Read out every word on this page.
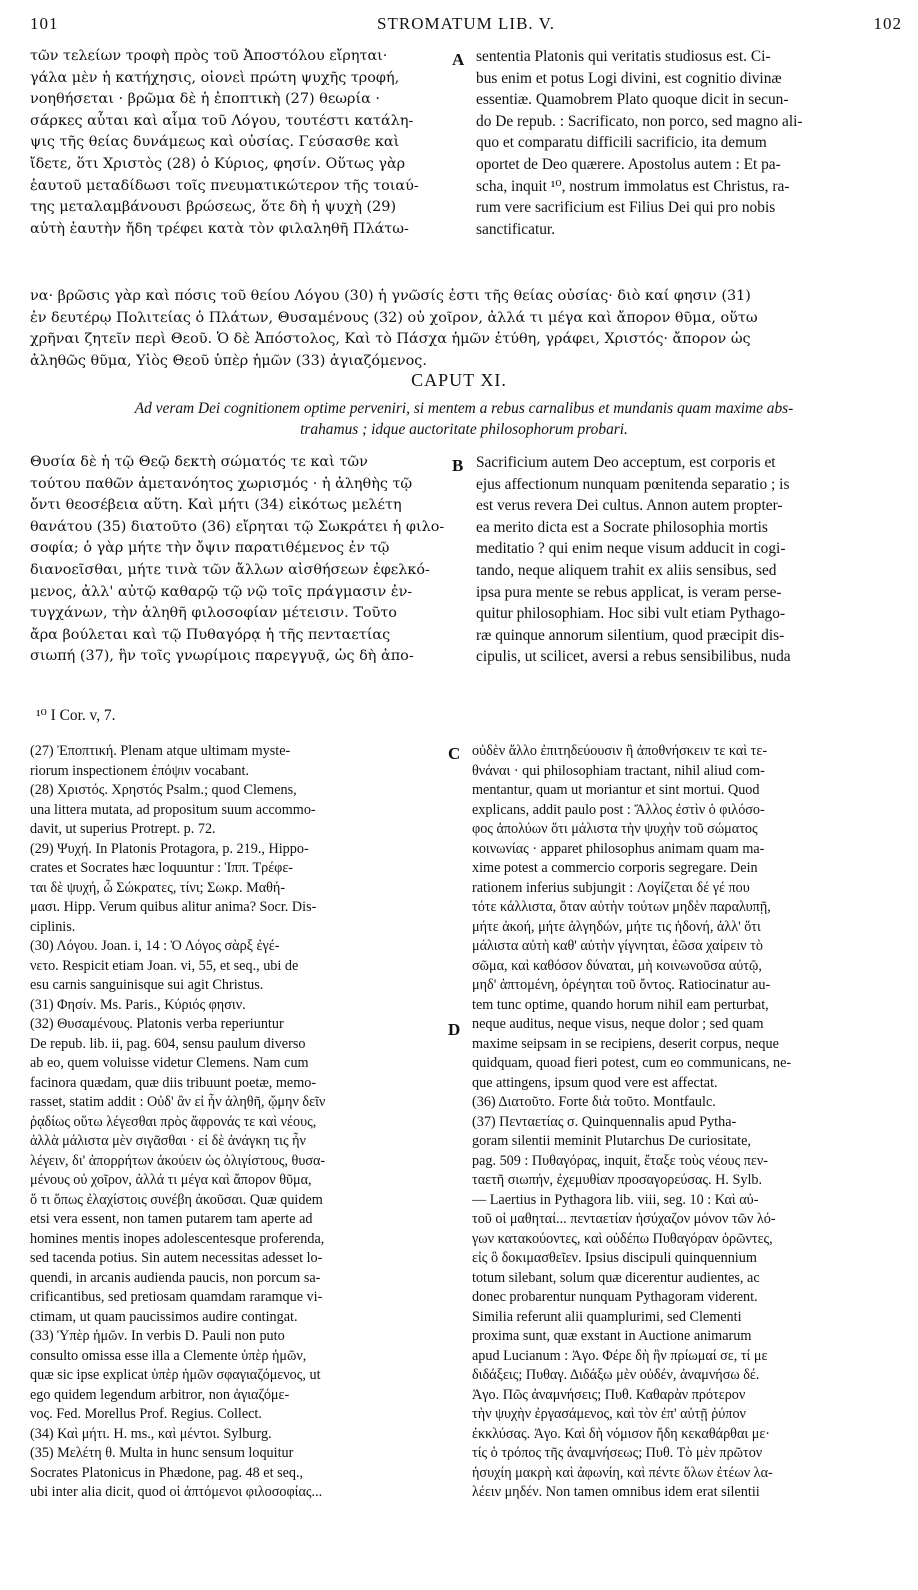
101	STROMATUM LIB. V.	102

τῶν τελείων τροφὴ πρὸς τοῦ Ἀποστόλου εἴρηται·

γάλα μὲν ἡ κατήχησις, οἱονεὶ πρώτη ψυχῆς τροφή,

νοηθήσεται · βρῶμα δὲ ἡ ἐποπτικὴ (27) θεωρία ·

σάρκες αὗται καὶ αἷμα τοῦ Λόγου, τουτέστι κατάλη-

ψις τῆς θείας δυνάμεως καὶ οὐσίας. Γεύσασθε καὶ

ἴδετε, ὅτι Χριστὸς (28) ὁ Κύριος, φησίν. Οὕτως γὰρ

ἑαυτοῦ μεταδίδωσι τοῖς πνευματικώτερον τῆς τοιαύ-

της μεταλαμβάνουσι βρώσεως, ὅτε δὴ ἡ ψυχὴ (29)

αὑτὴ ἑαυτὴν ἤδη τρέφει κατὰ τὸν φιλαληθῆ Πλάτω-

A sententia Platonis qui veritatis studiosus est. Ci-

bus enim et potus Logi divini, est cognitio divinæ

essentiæ. Quamobrem Plato quoque dicit in secun-

do De repub. : Sacrificato, non porco, sed magno ali-

quo et comparatu difficili sacrificio, ita demum

oportet de Deo quærere. Apostolus autem : Et pa-

scha, inquit ¹⁰, nostrum immolatus est Christus, ra-

rum vere sacrificium est Filius Dei qui pro nobis

sanctificatur.

να· βρῶσις γὰρ καὶ πόσις τοῦ θείου Λόγου (30) ἡ γνῶσίς ἐστι τῆς θείας οὐσίας· διὸ καί φησιν (31)

ἐν δευτέρῳ Πολιτείας ὁ Πλάτων, Θυσαμένους (32) οὐ χοῖρον, ἀλλά τι μέγα καὶ ἄπορον θῦμα, οὕτω

χρῆναι ζητεῖν περὶ Θεοῦ. Ὁ δὲ Ἀπόστολος, Καὶ τὸ Πάσχα ἡμῶν ἐτύθη, γράφει, Χριστός· ἄπορον ὡς

ἀληθῶς θῦμα, Υἱὸς Θεοῦ ὑπὲρ ἡμῶν (33) ἁγιαζόμενος.

CAPUT XI.
Ad veram Dei cognitionem optime perveniri, si mentem a rebus carnalibus et mundanis quam maxime abs-
trahamus ; idque auctoritate philosophorum probari.

Θυσία δὲ ἡ τῷ Θεῷ δεκτὴ σώματός τε καὶ τῶν

τούτου παθῶν ἀμετανόητος χωρισμός · ἡ ἀληθὴς τῷ

ὄντι θεοσέβεια αὕτη. Καὶ μήτι (34) εἰκότως μελέτη

θανάτου (35) διατοῦτο (36) εἴρηται τῷ Σωκράτει ἡ φιλο-

σοφία; ὁ γὰρ μήτε τὴν ὄψιν παρατιθέμενος ἐν τῷ

διανοεῖσθαι, μήτε τινὰ τῶν ἄλλων αἰσθήσεων ἐφελκό-

μενος, ἀλλ' αὐτῷ καθαρῷ τῷ νῷ τοῖς πράγμασιν ἐν-

τυγχάνων, τὴν ἀληθῆ φιλοσοφίαν μέτεισιν. Τοῦτο

ἄρα βούλεται καὶ τῷ Πυθαγόρᾳ ἡ τῆς πενταετίας

σιωπή (37), ἣν τοῖς γνωρίμοις παρεγγυᾷ, ὡς δὴ ἀπο-

B Sacrificium autem Deo acceptum, est corporis et

ejus affectionum nunquam pœnitenda separatio ; is

est verus revera Dei cultus. Annon autem propter-

ea merito dicta est a Socrate philosophia mortis

meditatio ? qui enim neque visum adducit in cogi-

tando, neque aliquem trahit ex aliis sensibus, sed

ipsa pura mente se rebus applicat, is veram perse-

quitur philosophiam. Hoc sibi vult etiam Pythago-

ræ quinque annorum silentium, quod præcipit dis-

cipulis, ut scilicet, aversi a rebus sensibilibus, nuda

¹⁰ I Cor. v, 7.

(27) Ἐποπτική. Plenam atque ultimam myste-

riorum inspectionem ἐπόψιν vocabant.

(28) Χριστός. Χρηστός Psalm.; quod Clemens,

una littera mutata, ad propositum suum accommo-

davit, ut superius Protrept. p. 72.

(29) Ψυχή. In Platonis Protagora, p. 219., Hippo-

crates et Socrates hæc loquuntur : Ἱππ. Τρέφε-

ται δὲ ψυχή, ὦ Σώκρατες, τίνι; Σωκρ. Μαθή-

μασι. Hipp. Verum quibus alitur anima? Socr. Dis-

ciplinis.

(30) Λόγου. Joan. i, 14 : Ὁ Λόγος σὰρξ ἐγέ-

νετο. Respicit etiam Joan. vi, 55, et seq., ubi de

esu carnis sanguinisque sui agit Christus.

(31) Φησίν. Ms. Paris., Κύριός φησιν.

(32) Θυσαμένους. Platonis verba reperiuntur

De repub. lib. ii, pag. 604, sensu paulum diverso

ab eo, quem voluisse videtur Clemens. Nam cum

facinora quædam, quæ diis tribuunt poetæ, memo-

rasset, statim addit : Οὐδ' ἂν εἰ ἦν ἀληθῆ, ᾤμην δεῖν

ῥᾳδίως οὕτω λέγεσθαι πρὸς ἄφρονάς τε καὶ νέους,

ἀλλὰ μάλιστα μὲν σιγᾶσθαι · εἰ δὲ ἀνάγκη τις ἦν

λέγειν, δι' ἀπορρήτων ἀκούειν ὡς ὀλιγίστους, θυσα-

μένους οὐ χοῖρον, ἀλλά τι μέγα καὶ ἄπορον θῦμα,

ὅ τι ὅπως ἐλαχίστοις συνέβη ἀκοῦσαι. Quæ quidem

etsi vera essent, non tamen putarem tam aperte ad

homines mentis inopes adolescentesque proferenda,

sed tacenda potius. Sin autem necessitas adesset lo-

quendi, in arcanis audienda paucis, non porcum sa-

crificantibus, sed pretiosam quamdam raramque vi-

ctimam, ut quam paucissimos audire contingat.

(33) Ὑπὲρ ἡμῶν. In verbis D. Pauli non puto

consulto omissa esse illa a Clemente ὑπὲρ ἡμῶν,

quæ sic ipse explicat ὑπὲρ ἡμῶν σφαγιαζόμενος, ut

ego quidem legendum arbitror, non ἁγιαζόμε-

νος. Fed. Morellus Prof. Regius. Collect.

(34) Καὶ μήτι. H. ms., καὶ μέντοι. Sylburg.

(35) Μελέτη θ. Multa in hunc sensum loquitur

Socrates Platonicus in Phædone, pag. 48 et seq.,

ubi inter alia dicit, quod oἱ ἀπτόμενοι φιλοσοφίας...

C
D

οὐδὲν ἄλλο ἐπιτηδεύουσιν ἢ ἀποθνήσκειν τε καὶ τε-

θνάναι · qui philosophiam tractant, nihil aliud com-

mentantur, quam ut moriantur et sint mortui. Quod

explicans, addit paulo post : Ἄλλος ἐστὶν ὁ φιλόσο-

φος ἀπολύων ὅτι μάλιστα τὴν ψυχὴν τοῦ σώματος

κοινωνίας · apparet philosophus animam quam ma-

xime potest a commercio corporis segregare. Dein

rationem inferius subjungit : Λογίζεται δέ γέ που

τότε κάλλιστα, ὅταν αὐτὴν τούτων μηδὲν παραλυπῇ,

μήτε ἀκοή, μήτε ἀλγηδών, μήτε τις ἡδονή, ἀλλ' ὅτι

μάλιστα αὐτὴ καθ' αὑτὴν γίγνηται, ἐῶσα χαίρειν τὸ

σῶμα, καὶ καθόσον δύναται, μὴ κοινωνοῦσα αὐτῷ,

μηδ' ἁπτομένη, ὀρέγηται τοῦ ὄντος. Ratiocinatur au-

tem tunc optime, quando horum nihil eam perturbat,

neque auditus, neque visus, neque dolor ; sed quam

maxime seipsam in se recipiens, deserit corpus, neque

quidquam, quoad fieri potest, cum eo communicans, ne-

que attingens, ipsum quod vere est affectat.

(36) Διατοῦτο. Forte διὰ τοῦτο. Montfaulc.

(37) Πενταετίας σ. Quinquennalis apud Pytha-

goram silentii meminit Plutarchus De curiositate,

pag. 509 : Πυθαγόρας, inquit, ἔταξε τοὺς νέους πεν-

ταετῆ σιωπήν, ἐχεμυθίαν προσαγορεύσας. H. Sylb.

— Laertius in Pythagora lib. viii, seg. 10 : Καὶ αὐ-

τοῦ οἱ μαθηταί... πενταετίαν ἡσύχαζον μόνον τῶν λό-

γων κατακούοντες, καὶ οὐδέπω Πυθαγόραν ὁρῶντες,

εἰς ὃ δοκιμασθεῖεν. Ipsius discipuli quinquennium

totum silebant, solum quæ dicerentur audientes, ac

donec probarentur nunquam Pythagoram viderent.

Similia referunt alii quamplurimi, sed Clementi

proxima sunt, quæ exstant in Auctione animarum

apud Lucianum : Ἀγο. Φέρε δὴ ἣν πρίωμαί σε, τί με

διδάξεις; Πυθαγ. Διδάξω μὲν οὐδέν, ἀναμνήσω δέ.

Ἀγο. Πῶς ἀναμνήσεις; Πυθ. Καθαρὰν πρότερον

τὴν ψυχὴν ἐργασάμενος, καὶ τὸν ἐπ' αὐτῇ ῥύπον

ἐκκλύσας. Ἀγο. Καὶ δὴ νόμισον ἤδη κεκαθάρθαι με·

τίς ὁ τρόπος τῆς ἀναμνήσεως; Πυθ. Τὸ μὲν πρῶτον

ἡσυχίη μακρὴ καὶ ἀφωνίη, καὶ πέντε ὅλων ἐτέων λα-

λέειν μηδέν. Non tamen omnibus idem erat silentii
